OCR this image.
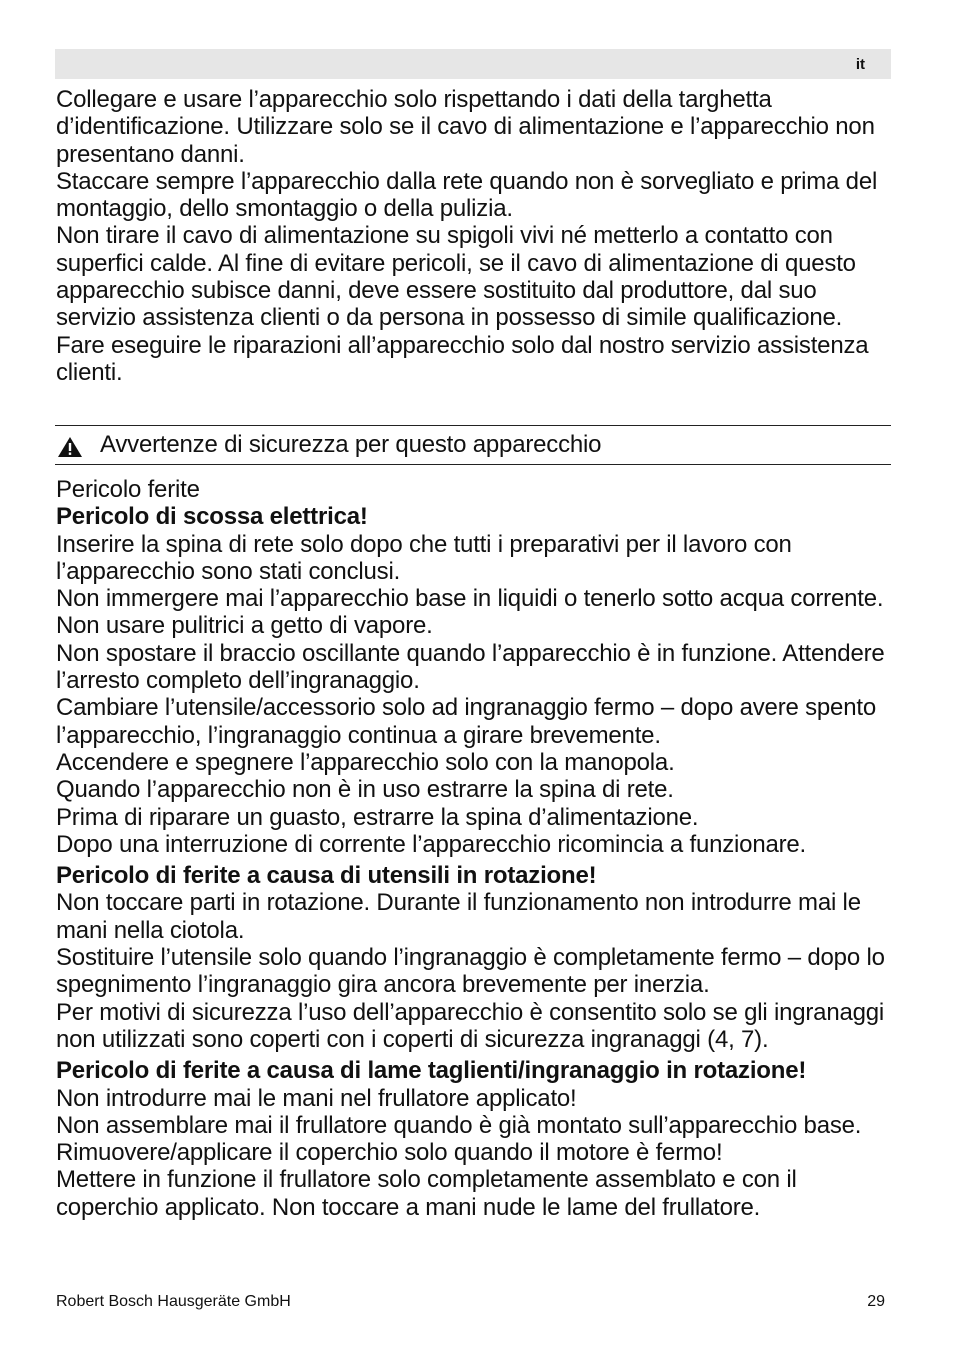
it

Collegare e usare l’apparecchio solo rispettando i dati della targhetta d’identificazione. Utilizzare solo se il cavo di alimentazione e l’apparecchio non presentano danni.

Staccare sempre l’apparecchio dalla rete quando non è sorvegliato e prima del montaggio, dello smontaggio o della pulizia.

Non tirare il cavo di alimentazione su spigoli vivi né metterlo a contatto con superfici calde. Al fine di evitare pericoli, se il cavo di alimentazione di questo apparecchio subisce danni, deve essere sostituito dal produttore, dal suo servizio assistenza clienti o da persona in possesso di simile qualificazione.

Fare eseguire le riparazioni all’apparecchio solo dal nostro servizio assistenza clienti.

Avvertenze di sicurezza per questo apparecchio

Pericolo ferite

Pericolo di scossa elettrica!

Inserire la spina di rete solo dopo che tutti i preparativi per il lavoro con l’apparecchio sono stati conclusi.

Non immergere mai l’apparecchio base in liquidi o tenerlo sotto acqua corrente. Non usare pulitrici a getto di vapore.

Non spostare il braccio oscillante quando l’apparecchio è in funzione. Attendere l’arresto completo dell’ingranaggio.

Cambiare l’utensile/accessorio solo ad ingranaggio fermo – dopo avere spento l’apparecchio, l’ingranaggio continua a girare brevemente.

Accendere e spegnere l’apparecchio solo con la manopola.

Quando l’apparecchio non è in uso estrarre la spina di rete.

Prima di riparare un guasto, estrarre la spina d’alimentazione.

Dopo una interruzione di corrente l’apparecchio ricomincia a funzionare.

Pericolo di ferite a causa di utensili in rotazione!

Non toccare parti in rotazione. Durante il funzionamento non introdurre mai le mani nella ciotola.

Sostituire l’utensile solo quando l’ingranaggio è completamente fermo – dopo lo spegnimento l’ingranaggio gira ancora brevemente per inerzia.

Per motivi di sicurezza l’uso dell’apparecchio è consentito solo se gli ingranaggi non utilizzati sono coperti con i coperti di sicurezza ingranaggi (4, 7).

Pericolo di ferite a causa di lame taglienti/ingranaggio in rotazione!

Non introdurre mai le mani nel frullatore applicato!

Non assemblare mai il frullatore quando è già montato sull’apparecchio base. Rimuovere/applicare il coperchio solo quando il motore è fermo!

Mettere in funzione il frullatore solo completamente assemblato e con il coperchio applicato. Non toccare a mani nude le lame del frullatore.

Robert Bosch Hausgeräte GmbH	29
